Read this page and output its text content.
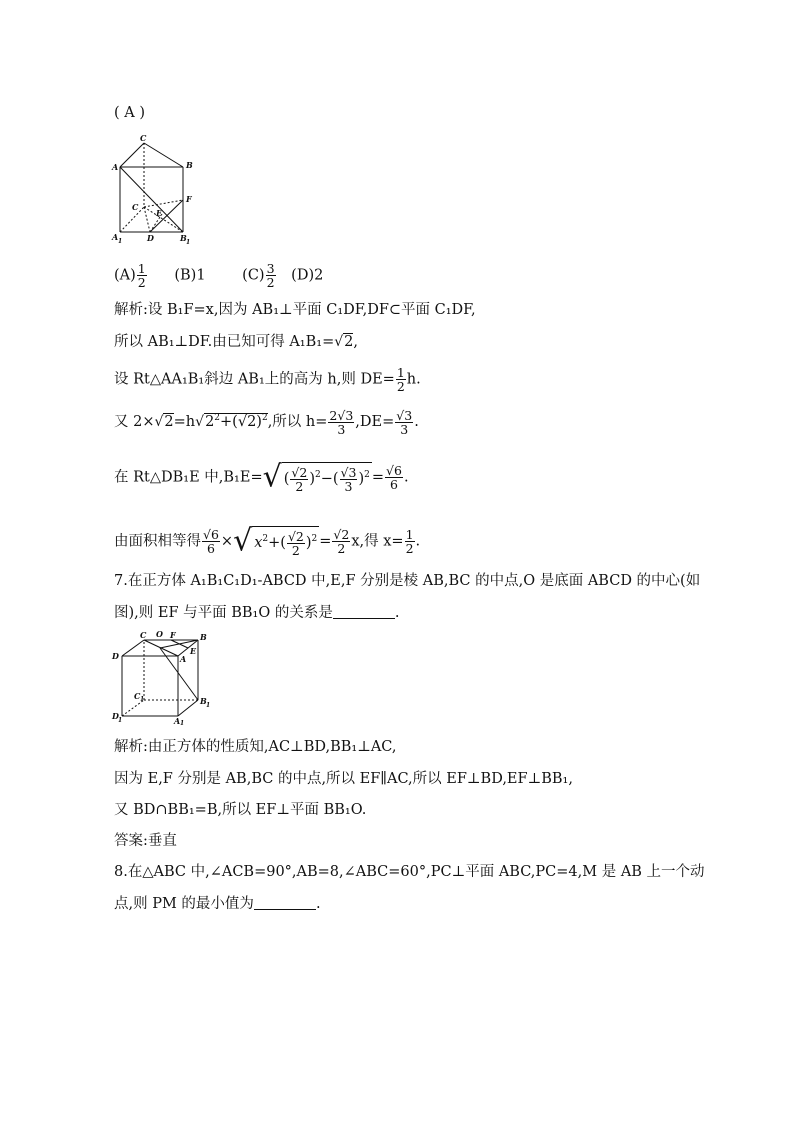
( A )
C
A	B
C
E
F
A 1	D	B 1
$(A) \frac{1}{2} (B)1$	$(C) \frac{3}{2} (D)2$
解析:设 B₁F=x,因为 AB₁⊥平面 C₁DF,DF⊂平面 C₁DF,
所以 AB₁⊥DF.由已知可得 A₁B₁=√2,
设 Rt△AA₁B₁斜边 AB₁上的高为 h,则 $DE= \frac{1}{2} h$.
又 $2\times√2=h√2^2+(√2)^2$,所以 $h= \frac{2√3}{3} ,DE= \frac{√3}{3}$ .
在 Rt△DB₁E 中,B₁E=√ ( $\frac{√2}{2} )^2-( \frac{√3}{3} )^2 = \frac{√6}{6}$ .
由面积相等得 $\frac{√6}{6}$ ×√ $x^2+( \frac{√2}{2} )^2 = \frac{√2}{2} x$,得 $x= \frac{1}{2}$ .
7.在正方体 A₁B₁C₁D₁-ABCD 中,E,F 分别是棱 AB,BC 的中点,O 是底面 ABCD 的中心(如
图),则 EF 与平面 BB₁O 的关系是	.
C O F	B
D	A
E
C 1	B 1
D 1	A 1
解析:由正方体的性质知,AC⊥BD,BB₁⊥AC,
因为 E,F 分别是 AB,BC 的中点,所以 EF∥AC,所以 EF⊥BD,EF⊥BB₁,
又 BD∩BB₁=B,所以 EF⊥平面 BB₁O.
答案:垂直
8.在△ABC 中,∠ACB=90°,AB=8,∠ABC=60°,PC⊥平面 ABC,PC=4,M 是 AB 上一个动
点,则 PM 的最小值为	.
